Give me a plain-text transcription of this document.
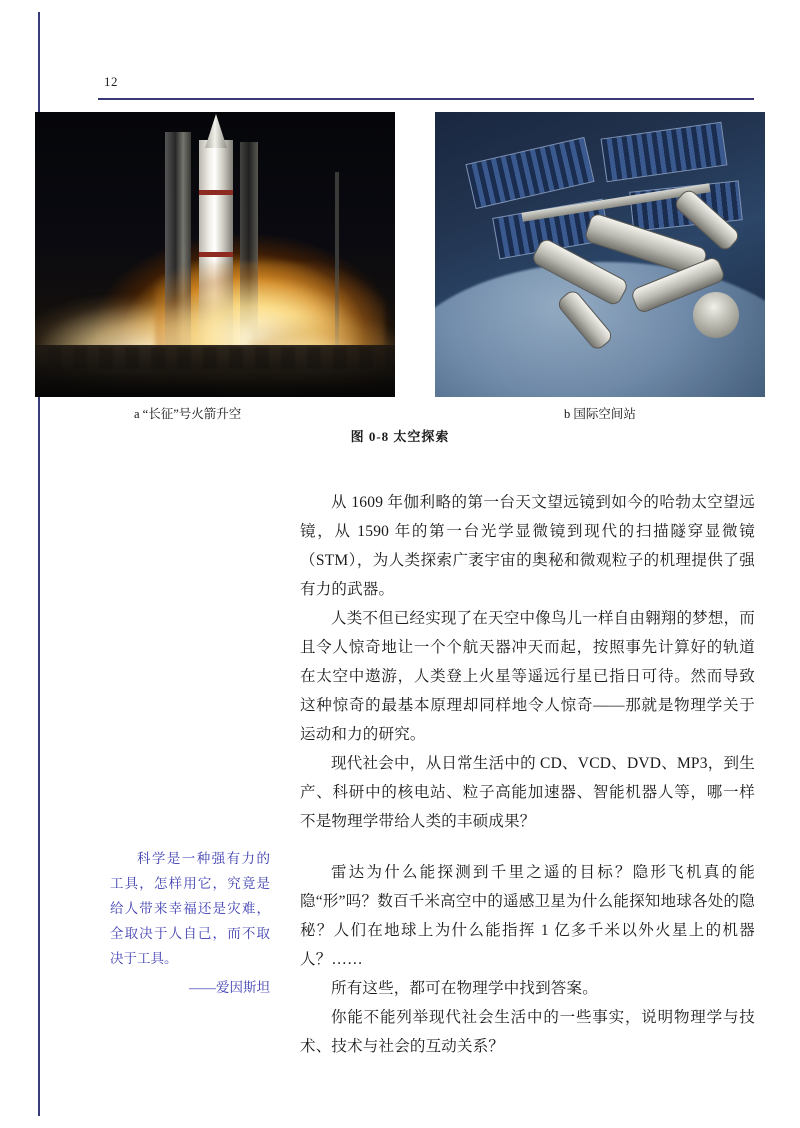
12
a “长征”号火箭升空	b 国际空间站
图 0-8 太空探索

从 1609 年伽利略的第一台天文望远镜到如今的哈勃太空望远镜，从 1590 年的第一台光学显微镜到现代的扫描隧穿显微镜（STM），为人类探索广袤宇宙的奥秘和微观粒子的机理提供了强有力的武器。

人类不但已经实现了在天空中像鸟儿一样自由翱翔的梦想，而且令人惊奇地让一个个航天器冲天而起，按照事先计算好的轨道在太空中遨游，人类登上火星等遥远行星已指日可待。然而导致这种惊奇的最基本原理却同样地令人惊奇——那就是物理学关于运动和力的研究。

现代社会中，从日常生活中的 CD、VCD、DVD、MP3，到生产、科研中的核电站、粒子高能加速器、智能机器人等，哪一样不是物理学带给人类的丰硕成果？

雷达为什么能探测到千里之遥的目标？隐形飞机真的能隐“形”吗？数百千米高空中的遥感卫星为什么能探知地球各处的隐秘？人们在地球上为什么能指挥 1 亿多千米以外火星上的机器人？……

所有这些，都可在物理学中找到答案。

你能不能列举现代社会生活中的一些事实，说明物理学与技术、技术与社会的互动关系？

科学是一种强有力的工具，怎样用它，究竟是给人带来幸福还是灾难，全取决于人自己，而不取决于工具。

——爱因斯坦
